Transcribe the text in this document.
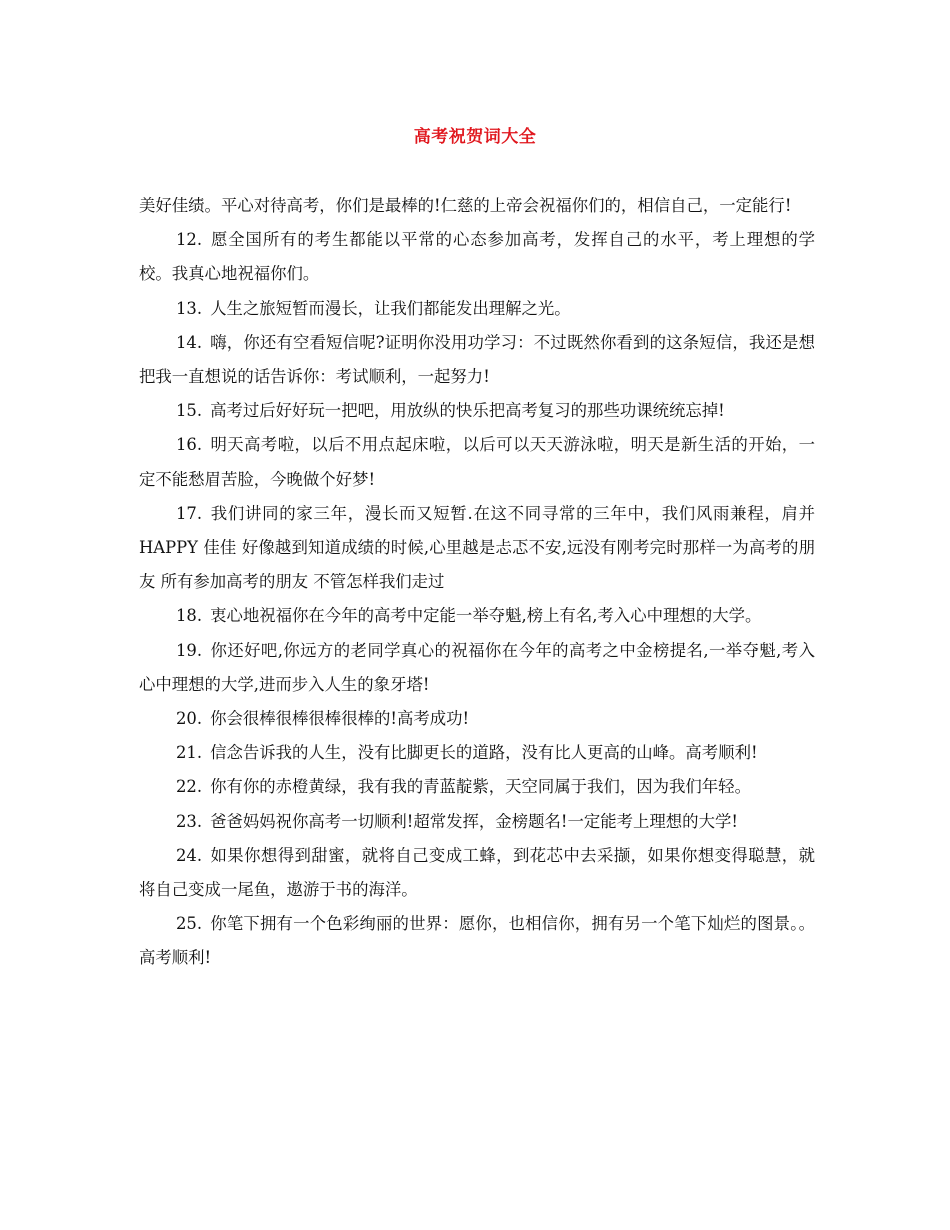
高考祝贺词大全

美好佳绩。平心对待高考，你们是最棒的!仁慈的上帝会祝福你们的，相信自己，一定能行!

12. 愿全国所有的考生都能以平常的心态参加高考，发挥自己的水平，考上理想的学校。我真心地祝福你们。

13. 人生之旅短暂而漫长，让我们都能发出理解之光。

14. 嗨，你还有空看短信呢?证明你没用功学习：不过既然你看到的这条短信，我还是想把我一直想说的话告诉你：考试顺利，一起努力!

15. 高考过后好好玩一把吧，用放纵的快乐把高考复习的那些功课统统忘掉!

16. 明天高考啦，以后不用点起床啦，以后可以天天游泳啦，明天是新生活的开始，一定不能愁眉苦脸，今晚做个好梦!

17. 我们讲同的家三年，漫长而又短暂.在这不同寻常的三年中，我们风雨兼程，肩并 HAPPY 佳佳 好像越到知道成绩的时候,心里越是忐忑不安,远没有刚考完时那样一为高考的朋友 所有参加高考的朋友 不管怎样我们走过

18. 衷心地祝福你在今年的高考中定能一举夺魁,榜上有名,考入心中理想的大学。

19. 你还好吧,你远方的老同学真心的祝福你在今年的高考之中金榜提名,一举夺魁,考入心中理想的大学,进而步入人生的象牙塔!

20. 你会很棒很棒很棒很棒的!高考成功!

21. 信念告诉我的人生，没有比脚更长的道路，没有比人更高的山峰。高考顺利!

22. 你有你的赤橙黄绿，我有我的青蓝靛紫，天空同属于我们，因为我们年轻。

23. 爸爸妈妈祝你高考一切顺利!超常发挥，金榜题名!一定能考上理想的大学!

24. 如果你想得到甜蜜，就将自己变成工蜂，到花芯中去采撷，如果你想变得聪慧，就将自己变成一尾鱼，遨游于书的海洋。

25. 你笔下拥有一个色彩绚丽的世界：愿你，也相信你，拥有另一个笔下灿烂的图景。。高考顺利!
